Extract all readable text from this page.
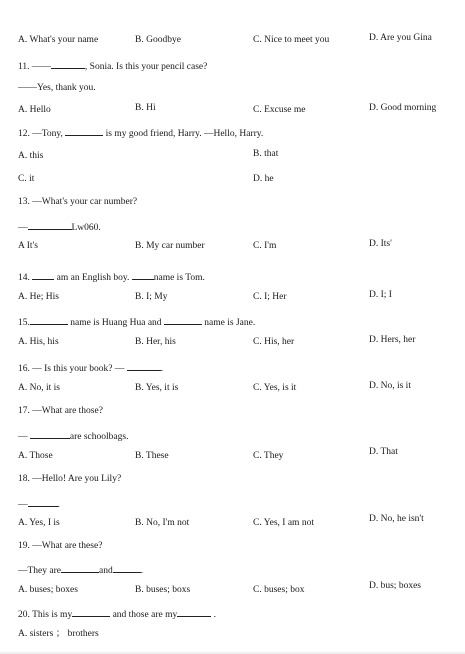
A. What's your name	B. Goodbye	C. Nice to meet you	D. Are you Gina
11. ——	, Sonia. Is this your pencil case?
——Yes, thank you.
A. Hello	B. Hi	C. Excuse me	D. Good morning
12. —Tony,	is my good friend, Harry. —Hello, Harry.
A. this	B. that
C. it	D. he
13. —What's your car number?
—	Lw060.
A It's	B. My car number	C. I'm	D. Its'
14.	am an English boy.	name is Tom.
A. He; His	B. I; My	C. I; Her	D. I; I
15.	name is Huang Hua and	name is Jane.
A. His, his	B. Her, his	C. His, her	D. Hers, her
16. — Is this your book? —	.
A. No, it is	B. Yes, it is	C. Yes, is it	D. No, is it
17. —What are those?
—	are schoolbags.
A. Those	B. These	C. They	D. That
18. —Hello! Are you Lily?
—	.
A. Yes, I is	B. No, I'm not	C. Yes, I am not	D. No, he isn't
19. —What are these?
—They are	and	.
A. buses; boxes	B. buses; boxs	C. buses; box	D. bus; boxes
20. This is my	and those are my	.
A. sisters ； brothers
